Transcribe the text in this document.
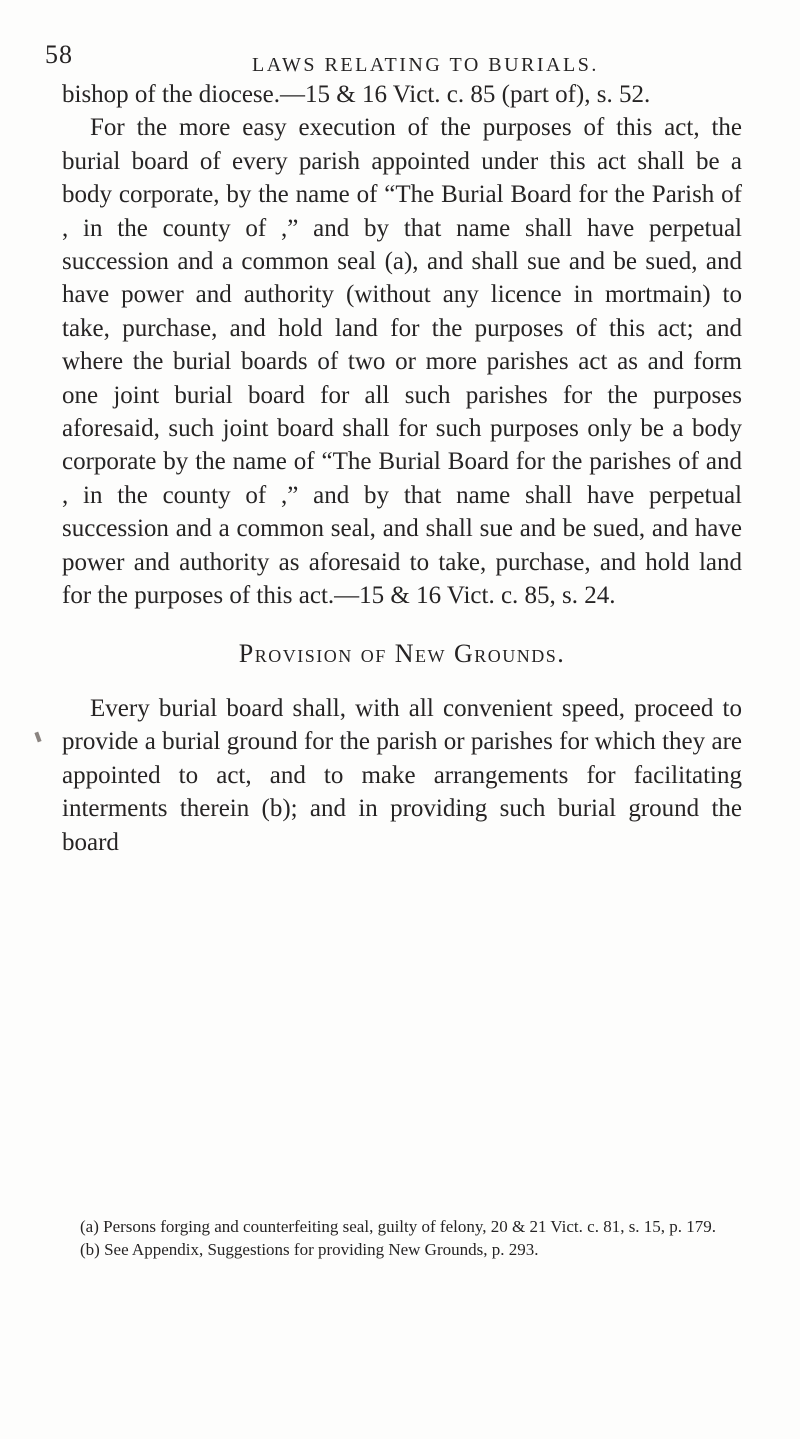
58	LAWS RELATING TO BURIALS.

bishop of the diocese.—15 & 16 Vict. c. 85 (part of), s. 52.

For the more easy execution of the purposes of this act, the burial board of every parish appointed under this act shall be a body corporate, by the name of “The Burial Board for the Parish of , in the county of ,” and by that name shall have perpetual succession and a common seal (a), and shall sue and be sued, and have power and authority (without any licence in mortmain) to take, purchase, and hold land for the purposes of this act; and where the burial boards of two or more parishes act as and form one joint burial board for all such parishes for the purposes aforesaid, such joint board shall for such purposes only be a body corporate by the name of “The Burial Board for the parishes of and , in the county of ,” and by that name shall have perpetual succession and a common seal, and shall sue and be sued, and have power and authority as aforesaid to take, purchase, and hold land for the purposes of this act.—15 & 16 Vict. c. 85, s. 24.

Provision of New Grounds.

Every burial board shall, with all convenient speed, proceed to provide a burial ground for the parish or parishes for which they are appointed to act, and to make arrangements for facilitating interments therein (b); and in providing such burial ground the board

(a) Persons forging and counterfeiting seal, guilty of felony, 20 & 21 Vict. c. 81, s. 15, p. 179.

(b) See Appendix, Suggestions for providing New Grounds, p. 293.
